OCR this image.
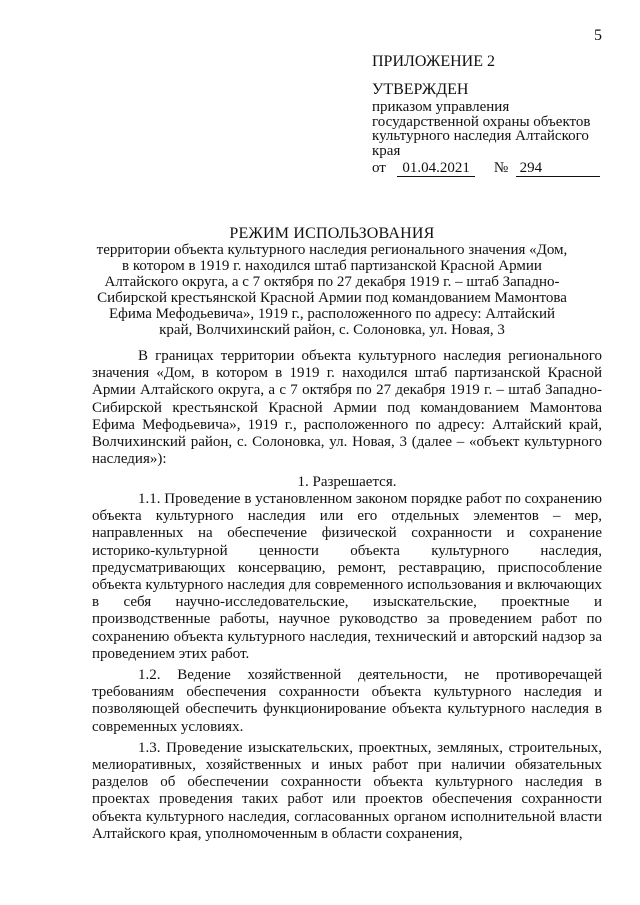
5
ПРИЛОЖЕНИЕ 2
УТВЕРЖДЕН
приказом управления государственной охраны объектов культурного наследия Алтайского края
от 01.04.2021 № 294
РЕЖИМ ИСПОЛЬЗОВАНИЯ
территории объекта культурного наследия регионального значения «Дом, в котором в 1919 г. находился штаб партизанской Красной Армии Алтайского округа, а с 7 октября по 27 декабря 1919 г. – штаб Западно-Сибирской крестьянской Красной Армии под командованием Мамонтова Ефима Мефодьевича», 1919 г., расположенного по адресу: Алтайский край, Волчихинский район, с. Солоновка, ул. Новая, 3

В границах территории объекта культурного наследия регионального значения «Дом, в котором в 1919 г. находился штаб партизанской Красной Армии Алтайского округа, а с 7 октября по 27 декабря 1919 г. – штаб Западно-Сибирской крестьянской Красной Армии под командованием Мамонтова Ефима Мефодьевича», 1919 г., расположенного по адресу: Алтайский край, Волчихинский район, с. Солоновка, ул. Новая, 3 (далее – «объект культурного наследия»):

1. Разрешается.

1.1. Проведение в установленном законом порядке работ по сохранению объекта культурного наследия или его отдельных элементов – мер, направленных на обеспечение физической сохранности и сохранение историко-культурной ценности объекта культурного наследия, предусматривающих консервацию, ремонт, реставрацию, приспособление объекта культурного наследия для современного использования и включающих в себя научно-исследовательские, изыскательские, проектные и производственные работы, научное руководство за проведением работ по сохранению объекта культурного наследия, технический и авторский надзор за проведением этих работ.

1.2. Ведение хозяйственной деятельности, не противоречащей требованиям обеспечения сохранности объекта культурного наследия и позволяющей обеспечить функционирование объекта культурного наследия в современных условиях.

1.3. Проведение изыскательских, проектных, земляных, строительных, мелиоративных, хозяйственных и иных работ при наличии обязательных разделов об обеспечении сохранности объекта культурного наследия в проектах проведения таких работ или проектов обеспечения сохранности объекта культурного наследия, согласованных органом исполнительной власти Алтайского края, уполномоченным в области сохранения,
